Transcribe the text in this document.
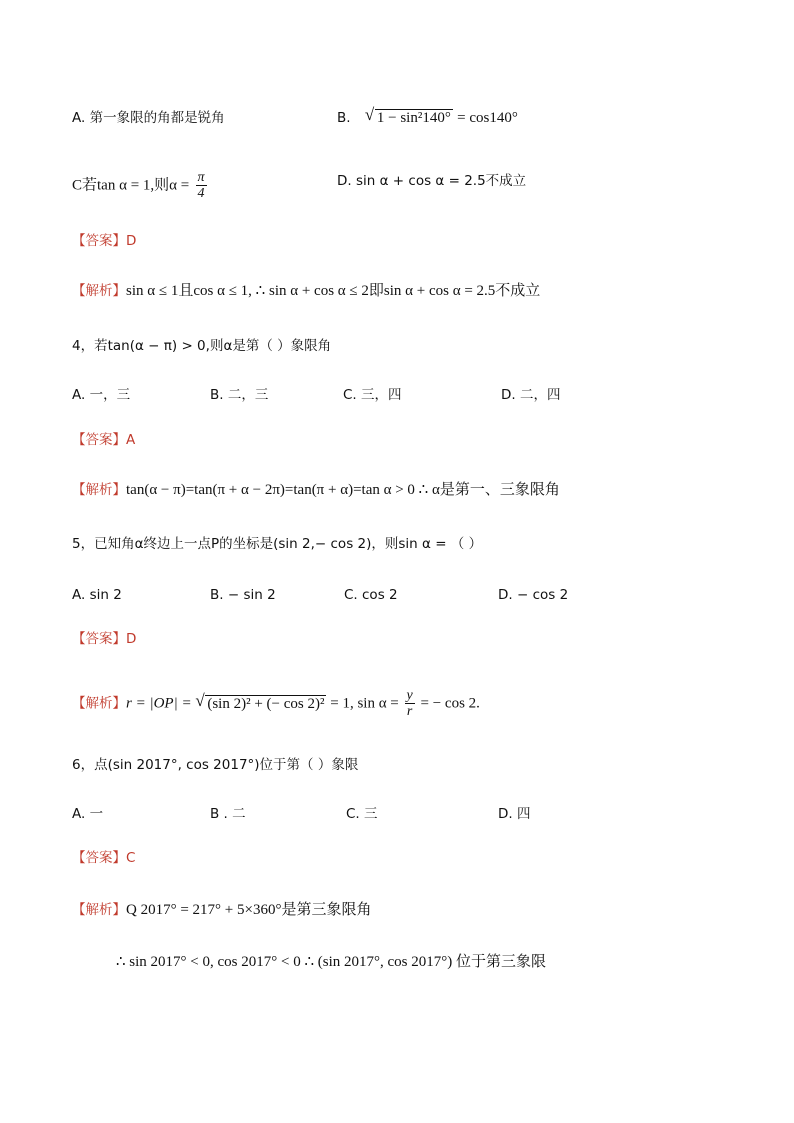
A. 第一象限的角都是锐角	B. √ 1 − sin²140° = cos140°
C若tan α = 1,则$\alpha = \frac{\pi}{4}$	D. sin α + cos α = 2.5不成立
【答案】D
【解析】sin α ≤ 1且cos α ≤ 1, ∴ sin α + cos α ≤ 2即sin α + cos α = 2.5不成立
4，若tan(α − π) > 0,则α是第（ ）象限角
A. 一，三	B. 二，三	C. 三，四	D. 二，四
【答案】A
【解析】tan(α − π)=tan(π + α − 2π)=tan(π + α)=tan α > 0 ∴ α是第一、三象限角
5，已知角α终边上一点P的坐标是(sin 2,− cos 2)，则sin α = （ ）
A. sin 2	B. − sin 2	C. cos 2	D. − cos 2
【答案】D
【解析】r = |OP| = √ (sin 2)² + (− cos 2)² = 1, $\sin \alpha = \frac{y}{r}$ = − cos 2.
6，点(sin 2017°, cos 2017°)位于第（ ）象限
A. 一	B . 二	C. 三	D. 四
【答案】C
【解析】Q 2017° = 217° + 5×360°是第三象限角
∴ sin 2017° < 0, cos 2017° < 0 ∴ (sin 2017°, cos 2017°) 位于第三象限
